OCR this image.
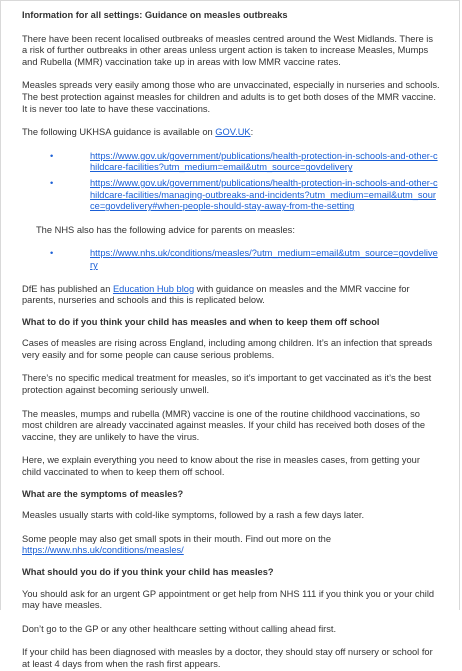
Information for all settings: Guidance on measles outbreaks

There have been recent localised outbreaks of measles centred around the West Midlands. There is a risk of further outbreaks in other areas unless urgent action is taken to increase Measles, Mumps and Rubella (MMR) vaccination take up in areas with low MMR vaccine rates.

Measles spreads very easily among those who are unvaccinated, especially in nurseries and schools. The best protection against measles for children and adults is to get both doses of the MMR vaccine. It is never too late to have these vaccinations.

The following UKHSA guidance is available on GOV.UK:

•	https://www.gov.uk/government/publications/health-protection-in-schools-and-other-childcare-facilities?utm_medium=email&utm_source=govdelivery
•	https://www.gov.uk/government/publications/health-protection-in-schools-and-other-childcare-facilities/managing-outbreaks-and-incidents?utm_medium=email&utm_source=govdelivery#when-people-should-stay-away-from-the-setting

The NHS also has the following advice for parents on measles:

•	https://www.nhs.uk/conditions/measles/?utm_medium=email&utm_source=govdelivery

DfE has published an Education Hub blog with guidance on measles and the MMR vaccine for parents, nurseries and schools and this is replicated below.

What to do if you think your child has measles and when to keep them off school

Cases of measles are rising across England, including among children. It’s an infection that spreads very easily and for some people can cause serious problems.

There’s no specific medical treatment for measles, so it’s important to get vaccinated as it’s the best protection against becoming seriously unwell.

The measles, mumps and rubella (MMR) vaccine is one of the routine childhood vaccinations, so most children are already vaccinated against measles. If your child has received both doses of the vaccine, they are unlikely to have the virus.

Here, we explain everything you need to know about the rise in measles cases, from getting your child vaccinated to when to keep them off school.

What are the symptoms of measles?

Measles usually starts with cold-like symptoms, followed by a rash a few days later.

Some people may also get small spots in their mouth. Find out more on the
https://www.nhs.uk/conditions/measles/

What should you do if you think your child has measles?

You should ask for an urgent GP appointment or get help from NHS 111 if you think you or your child may have measles.

Don’t go to the GP or any other healthcare setting without calling ahead first.

If your child has been diagnosed with measles by a doctor, they should stay off nursery or school for at least 4 days from when the rash first appears.
